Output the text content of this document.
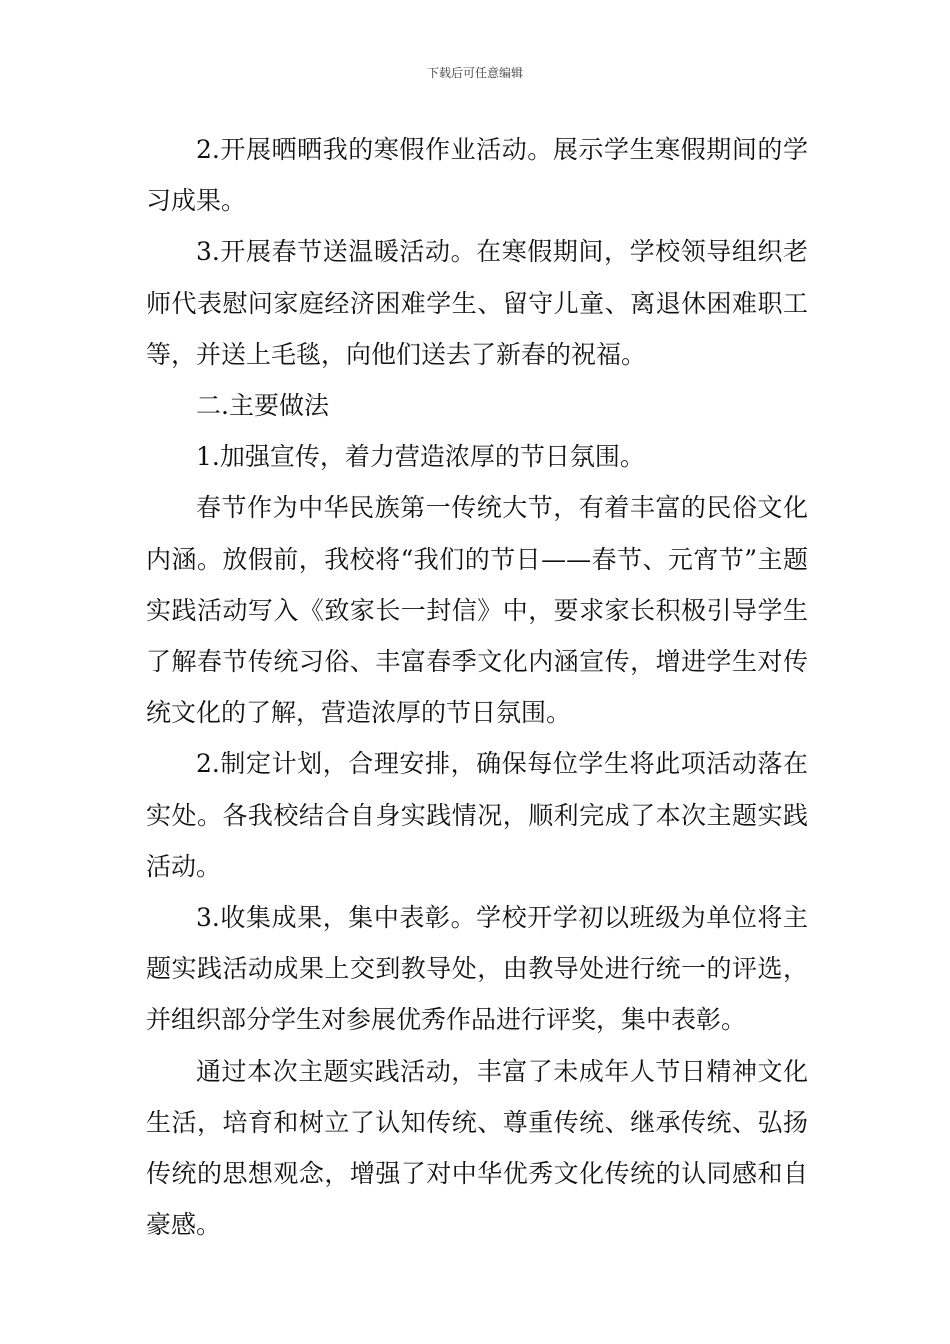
下载后可任意编辑

2.开展晒晒我的寒假作业活动。展示学生寒假期间的学习成果。

3.开展春节送温暖活动。在寒假期间，学校领导组织老师代表慰问家庭经济困难学生、留守儿童、离退休困难职工等，并送上毛毯，向他们送去了新春的祝福。

二.主要做法

1.加强宣传，着力营造浓厚的节日氛围。

春节作为中华民族第一传统大节，有着丰富的民俗文化内涵。放假前，我校将“我们的节日——春节、元宵节”主题实践活动写入《致家长一封信》中，要求家长积极引导学生了解春节传统习俗、丰富春季文化内涵宣传，增进学生对传统文化的了解，营造浓厚的节日氛围。

2.制定计划，合理安排，确保每位学生将此项活动落在实处。各我校结合自身实践情况，顺利完成了本次主题实践活动。

3.收集成果，集中表彰。学校开学初以班级为单位将主题实践活动成果上交到教导处，由教导处进行统一的评选，并组织部分学生对参展优秀作品进行评奖，集中表彰。

通过本次主题实践活动，丰富了未成年人节日精神文化生活，培育和树立了认知传统、尊重传统、继承传统、弘扬传统的思想观念，增强了对中华优秀文化传统的认同感和自豪感。
